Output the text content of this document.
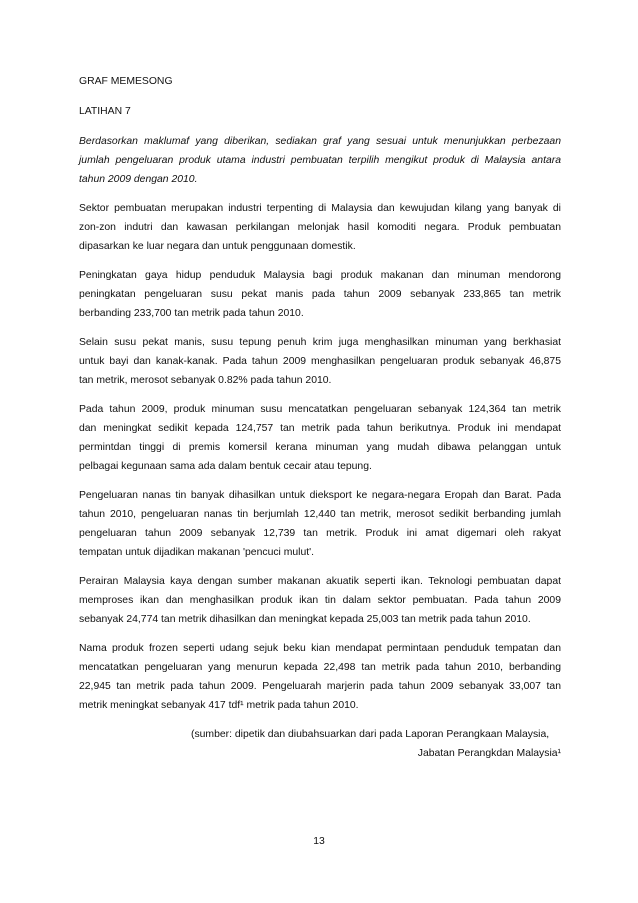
GRAF MEMESONG

LATIHAN 7

Berdasorkan maklumaf yang diberikan, sediakan graf yang sesuai untuk menunjukkan perbezaan
jumlah pengeluaran produk utama industri pembuatan terpilih mengikut produk di Malaysia antara
tahun 2009 dengan 2010.

Sektor pembuatan merupakan industri terpenting di Malaysia dan kewujudan kilang yang banyak di
zon-zon indutri dan kawasan perkilangan melonjak hasil komoditi negara. Produk pembuatan
dipasarkan ke luar negara dan untuk penggunaan domestik.

Peningkatan gaya hidup penduduk Malaysia bagi produk makanan dan minuman mendorong
peningkatan pengeluaran susu pekat manis pada tahun 2009 sebanyak 233,865 tan metrik
berbanding 233,700 tan metrik pada tahun 2010.

Selain susu pekat manis, susu tepung penuh krim juga menghasilkan minuman yang berkhasiat
untuk bayi dan kanak-kanak. Pada tahun 2009 menghasilkan pengeluaran produk sebanyak 46,875
tan metrik, merosot sebanyak 0.82% pada tahun 2010.

Pada tahun 2009, produk minuman susu mencatatkan pengeluaran sebanyak 124,364 tan metrik
dan meningkat sedikit kepada 124,757 tan metrik pada tahun berikutnya. Produk ini mendapat
permintdan tinggi di premis komersil kerana minuman yang mudah dibawa pelanggan untuk
pelbagai kegunaan sama ada dalam bentuk cecair atau tepung.

Pengeluaran nanas tin banyak dihasilkan untuk dieksport ke negara-negara Eropah dan Barat. Pada
tahun 2010, pengeluaran nanas tin berjumlah 12,440 tan metrik, merosot sedikit berbanding jumlah
pengeluaran tahun 2009 sebanyak 12,739 tan metrik. Produk ini amat digemari oleh rakyat
tempatan untuk dijadikan makanan 'pencuci mulut'.

Perairan Malaysia kaya dengan sumber makanan akuatik seperti ikan. Teknologi pembuatan dapat
memproses ikan dan menghasilkan produk ikan tin dalam sektor pembuatan. Pada tahun 2009
sebanyak 24,774 tan metrik dihasilkan dan meningkat kepada 25,003 tan metrik pada tahun 2010.

Nama produk frozen seperti udang sejuk beku kian mendapat permintaan penduduk tempatan dan
mencatatkan pengeluaran yang menurun kepada 22,498 tan metrik pada tahun 2010, berbanding
22,945 tan metrik pada tahun 2009. Pengeluarah marjerin pada tahun 2009 sebanyak 33,007 tan
metrik meningkat sebanyak 417 tdf¹ metrik pada tahun 2010.

(sumber: dipetik dan diubahsuarkan dari pada Laporan Perangkaan Malaysia,
Jabatan Perangkdan Malaysia¹
13
